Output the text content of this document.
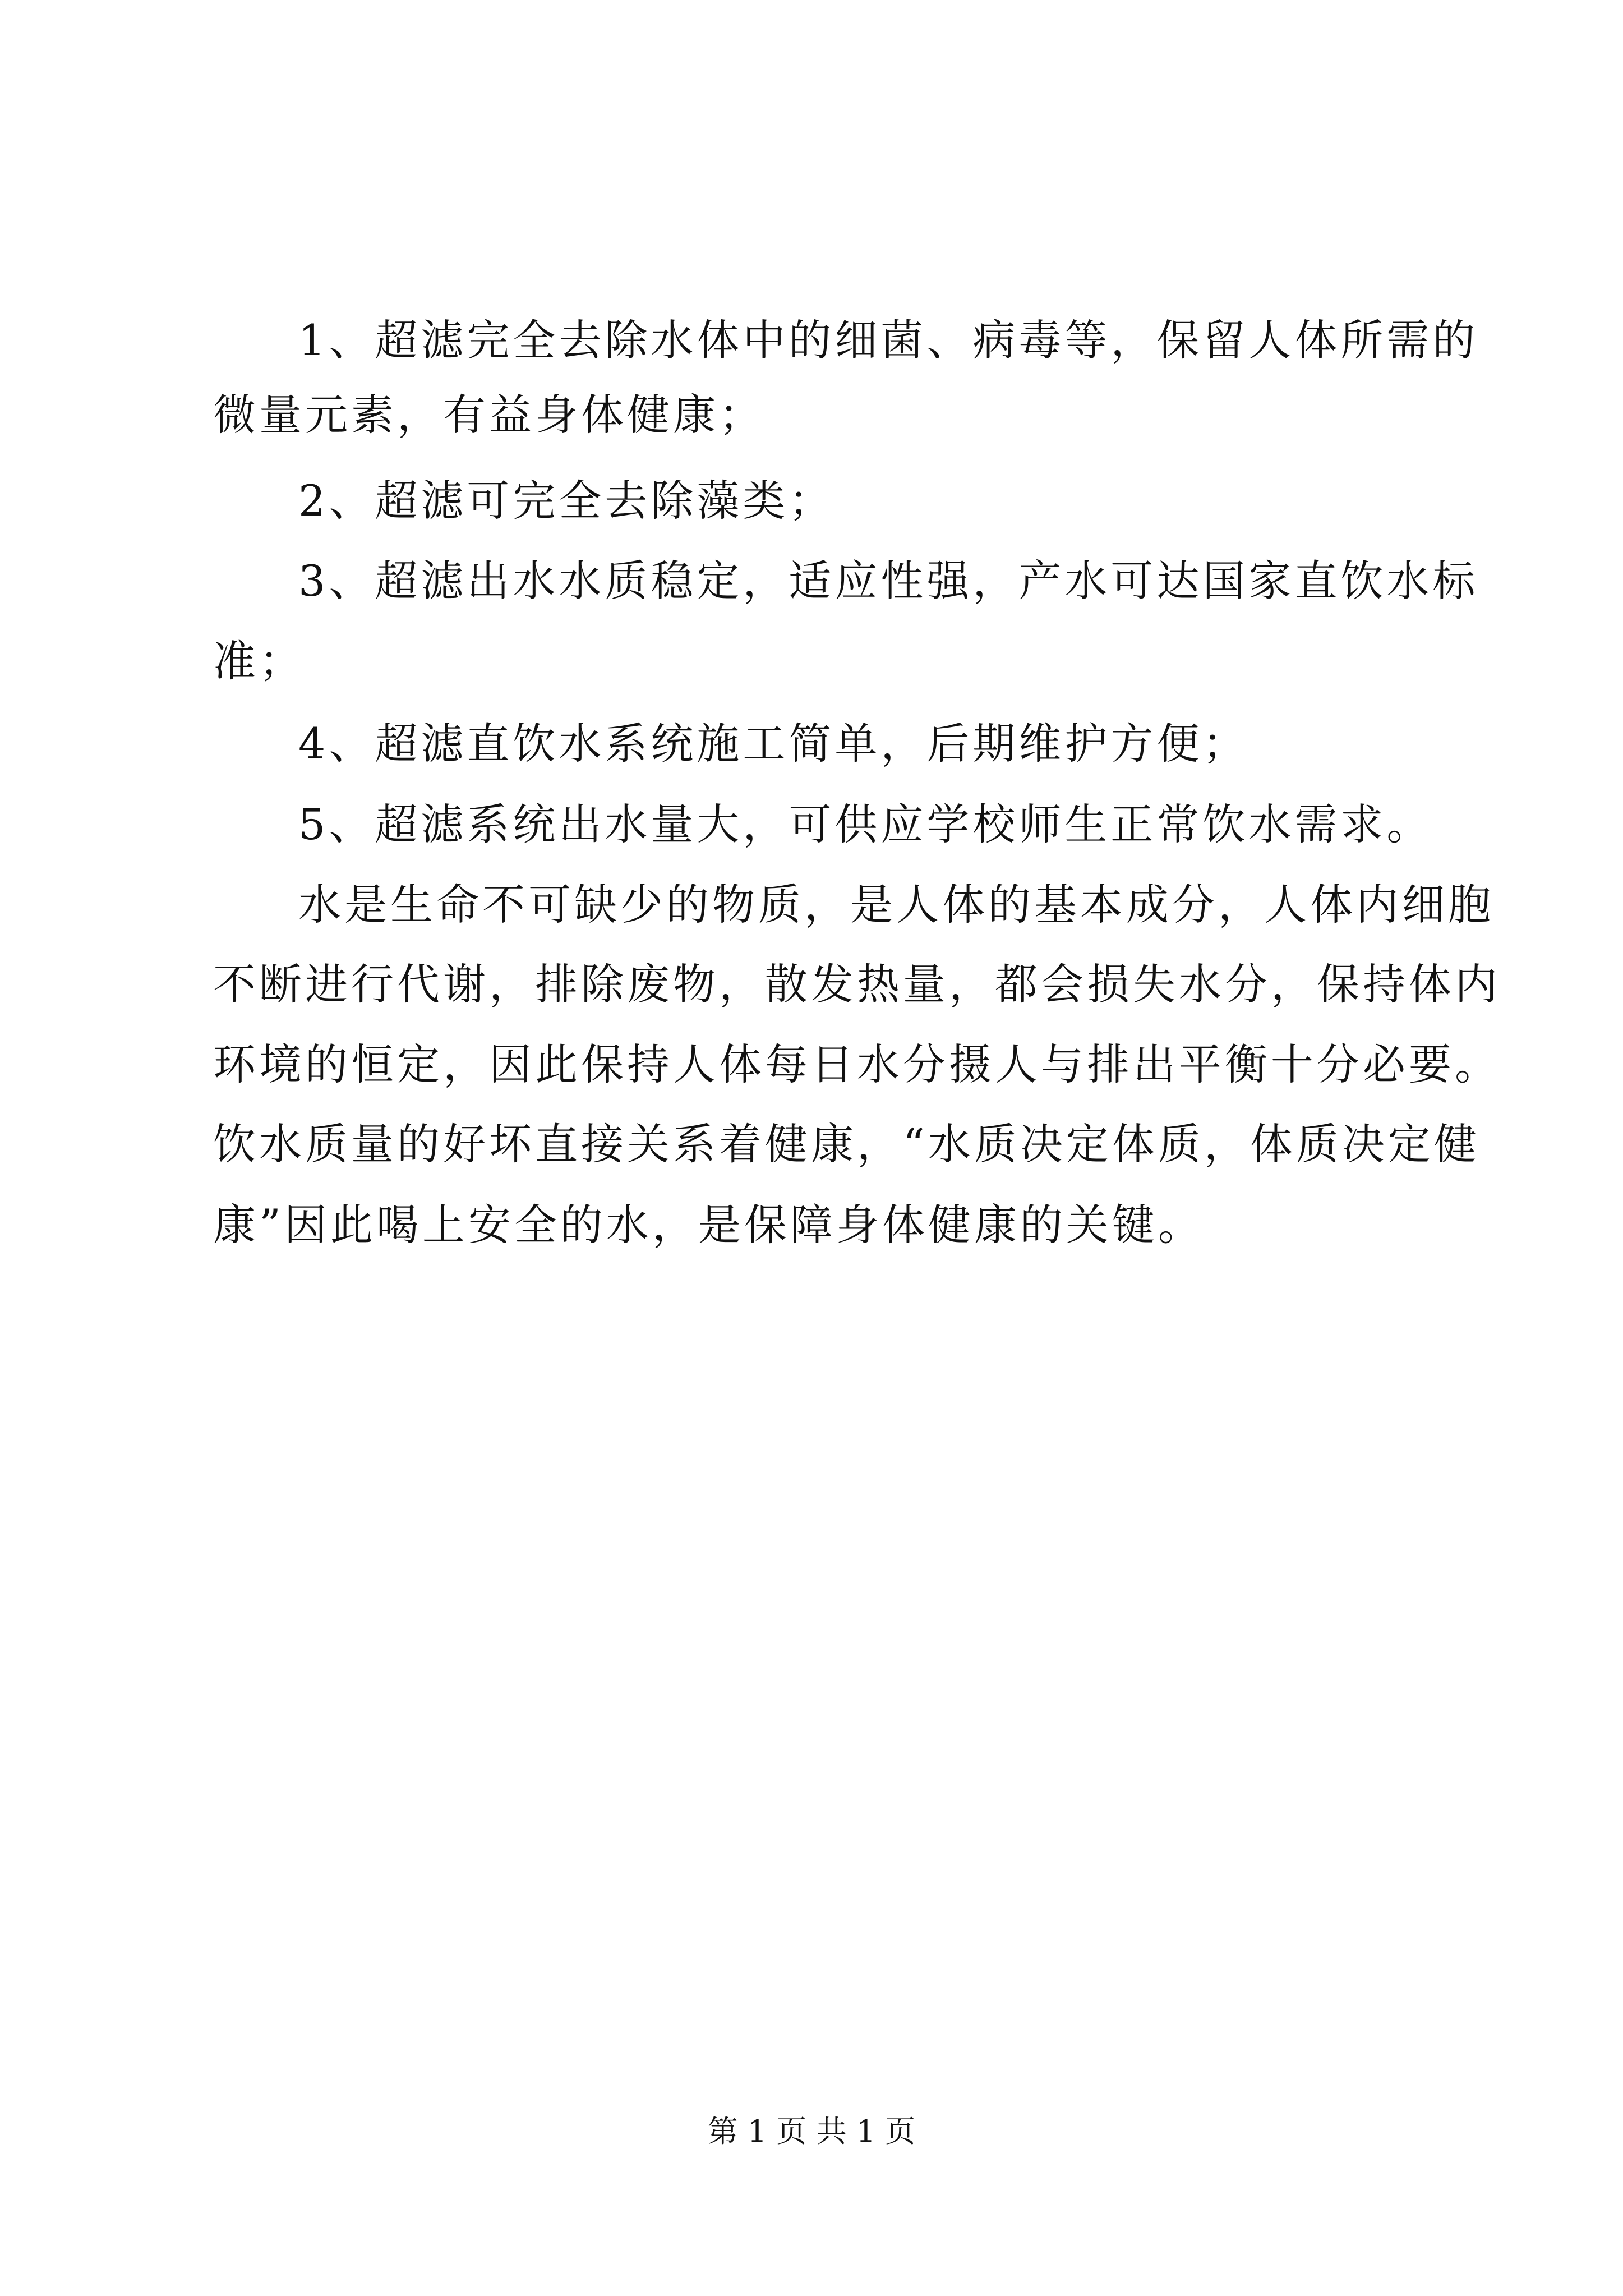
1、超滤完全去除水体中的细菌、病毒等，保留人体所需的
微量元素，有益身体健康；
2、超滤可完全去除藻类；
3、超滤出水水质稳定，适应性强，产水可达国家直饮水标
准；
4、超滤直饮水系统施工简单，后期维护方便；
5、超滤系统出水量大，可供应学校师生正常饮水需求。
水是生命不可缺少的物质，是人体的基本成分，人体内细胞
不断进行代谢，排除废物，散发热量，都会损失水分，保持体内
环境的恒定，因此保持人体每日水分摄人与排出平衡十分必要。
饮水质量的好坏直接关系着健康，“水质决定体质，体质决定健
康”因此喝上安全的水，是保障身体健康的关键。
第 1 页 共 1 页
